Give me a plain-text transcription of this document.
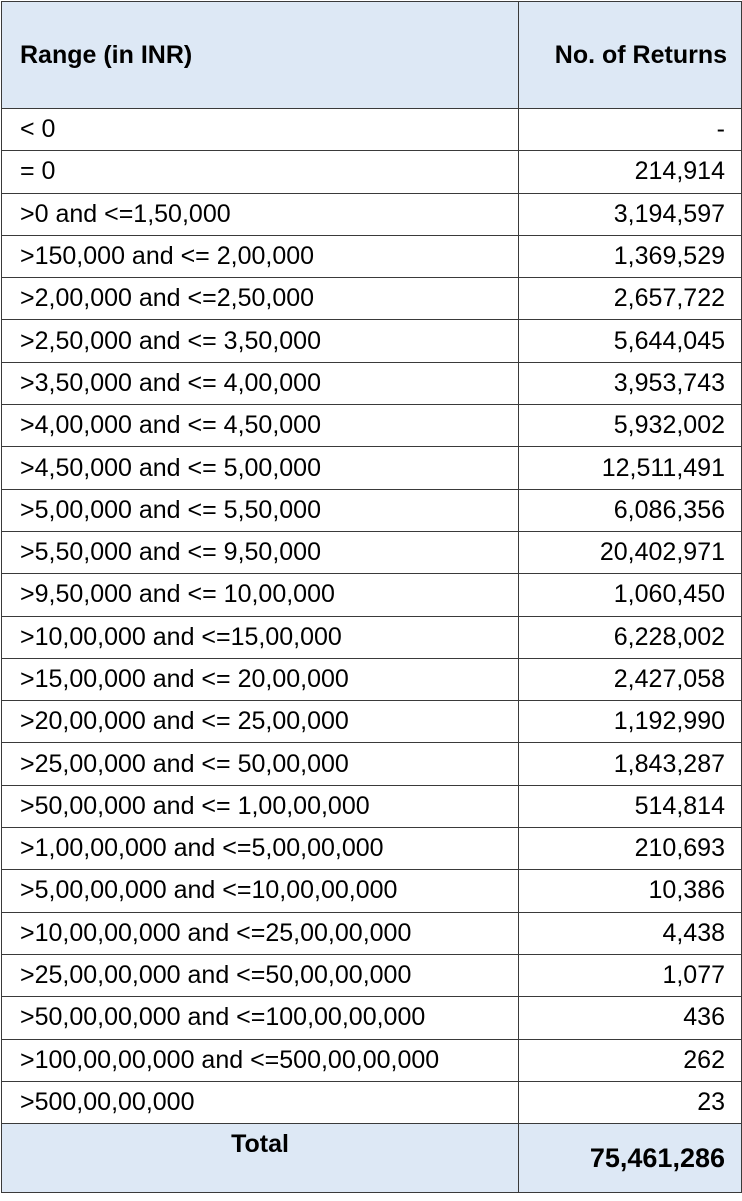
Range (in INR)	No. of Returns
< 0	-
= 0	214,914
>0 and <=1,50,000	3,194,597
>150,000 and <= 2,00,000	1,369,529
>2,00,000 and <=2,50,000	2,657,722
>2,50,000 and <= 3,50,000	5,644,045
>3,50,000 and <= 4,00,000	3,953,743
>4,00,000 and <= 4,50,000	5,932,002
>4,50,000 and <= 5,00,000	12,511,491
>5,00,000 and <= 5,50,000	6,086,356
>5,50,000 and <= 9,50,000	20,402,971
>9,50,000 and <= 10,00,000	1,060,450
>10,00,000 and <=15,00,000	6,228,002
>15,00,000 and <= 20,00,000	2,427,058
>20,00,000 and <= 25,00,000	1,192,990
>25,00,000 and <= 50,00,000	1,843,287
>50,00,000 and <= 1,00,00,000	514,814
>1,00,00,000 and <=5,00,00,000	210,693
>5,00,00,000 and <=10,00,00,000	10,386
>10,00,00,000 and <=25,00,00,000	4,438
>25,00,00,000 and <=50,00,00,000	1,077
>50,00,00,000 and <=100,00,00,000	436
>100,00,00,000 and <=500,00,00,000	262
>500,00,00,000	23
Total	75,461,286
